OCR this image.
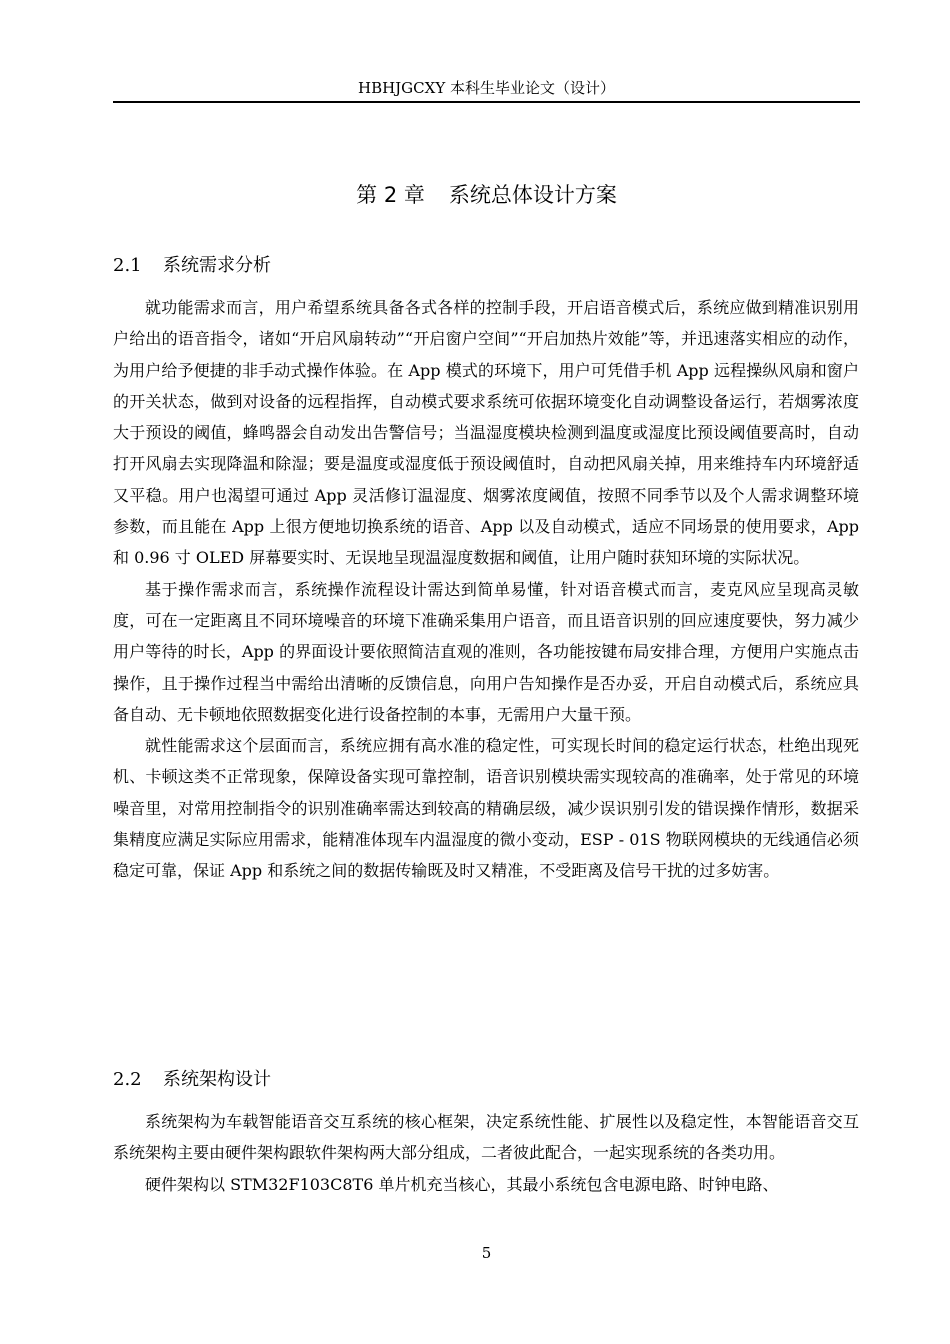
HBHJGCXY 本科生毕业论文（设计）
第 2 章 系统总体设计方案
2.1 系统需求分析

就功能需求而言，用户希望系统具备各式各样的控制手段，开启语音模式后，系统应做到精准识别用户给出的语音指令，诸如“开启风扇转动”“开启窗户空间”“开启加热片效能”等，并迅速落实相应的动作，为用户给予便捷的非手动式操作体验。在 App 模式的环境下，用户可凭借手机 App 远程操纵风扇和窗户的开关状态，做到对设备的远程指挥，自动模式要求系统可依据环境变化自动调整设备运行，若烟雾浓度大于预设的阈值，蜂鸣器会自动发出告警信号；当温湿度模块检测到温度或湿度比预设阈值要高时，自动打开风扇去实现降温和除湿；要是温度或湿度低于预设阈值时，自动把风扇关掉，用来维持车内环境舒适又平稳。用户也渴望可通过 App 灵活修订温湿度、烟雾浓度阈值，按照不同季节以及个人需求调整环境参数，而且能在 App 上很方便地切换系统的语音、App 以及自动模式，适应不同场景的使用要求，App 和 0.96 寸 OLED 屏幕要实时、无误地呈现温湿度数据和阈值，让用户随时获知环境的实际状况。

基于操作需求而言，系统操作流程设计需达到简单易懂，针对语音模式而言，麦克风应呈现高灵敏度，可在一定距离且不同环境噪音的环境下准确采集用户语音，而且语音识别的回应速度要快，努力减少用户等待的时长，App 的界面设计要依照简洁直观的准则，各功能按键布局安排合理，方便用户实施点击操作，且于操作过程当中需给出清晰的反馈信息，向用户告知操作是否办妥，开启自动模式后，系统应具备自动、无卡顿地依照数据变化进行设备控制的本事，无需用户大量干预。

就性能需求这个层面而言，系统应拥有高水准的稳定性，可实现长时间的稳定运行状态，杜绝出现死机、卡顿这类不正常现象，保障设备实现可靠控制，语音识别模块需实现较高的准确率，处于常见的环境噪音里，对常用控制指令的识别准确率需达到较高的精确层级，减少误识别引发的错误操作情形，数据采集精度应满足实际应用需求，能精准体现车内温湿度的微小变动，ESP - 01S 物联网模块的无线通信必须稳定可靠，保证 App 和系统之间的数据传输既及时又精准，不受距离及信号干扰的过多妨害。

2.2 系统架构设计

系统架构为车载智能语音交互系统的核心框架，决定系统性能、扩展性以及稳定性，本智能语音交互系统架构主要由硬件架构跟软件架构两大部分组成，二者彼此配合，一起实现系统的各类功用。

硬件架构以 STM32F103C8T6 单片机充当核心，其最小系统包含电源电路、时钟电路、

5
